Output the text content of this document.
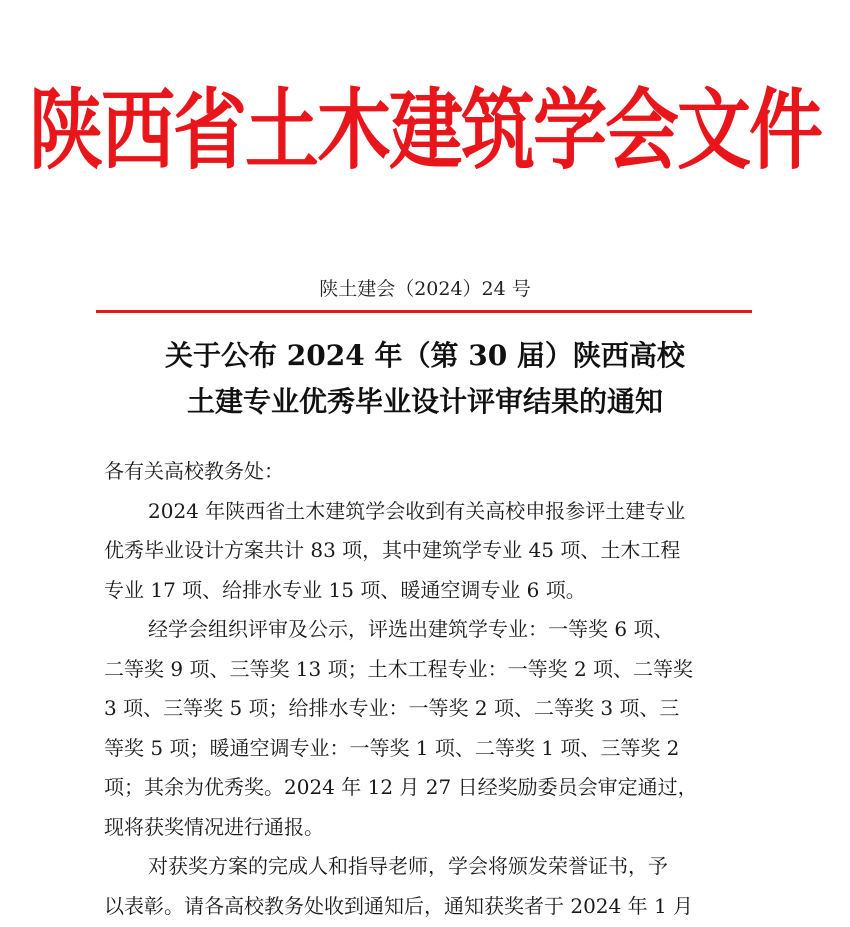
陕西省土木建筑学会文件
陕土建会（2024）24 号
关于公布 2024 年（第 30 届）陕西高校
土建专业优秀毕业设计评审结果的通知
各有关高校教务处：
2024 年陕西省土木建筑学会收到有关高校申报参评土建专业
优秀毕业设计方案共计 83 项，其中建筑学专业 45 项、土木工程
专业 17 项、给排水专业 15 项、暖通空调专业 6 项。
经学会组织评审及公示，评选出建筑学专业：一等奖 6 项、
二等奖 9 项、三等奖 13 项；土木工程专业：一等奖 2 项、二等奖
3 项、三等奖 5 项；给排水专业：一等奖 2 项、二等奖 3 项、三
等奖 5 项；暖通空调专业：一等奖 1 项、二等奖 1 项、三等奖 2
项；其余为优秀奖。2024 年 12 月 27 日经奖励委员会审定通过，
现将获奖情况进行通报。
对获奖方案的完成人和指导老师，学会将颁发荣誉证书，予
以表彰。请各高校教务处收到通知后，通知获奖者于 2024 年 1 月
